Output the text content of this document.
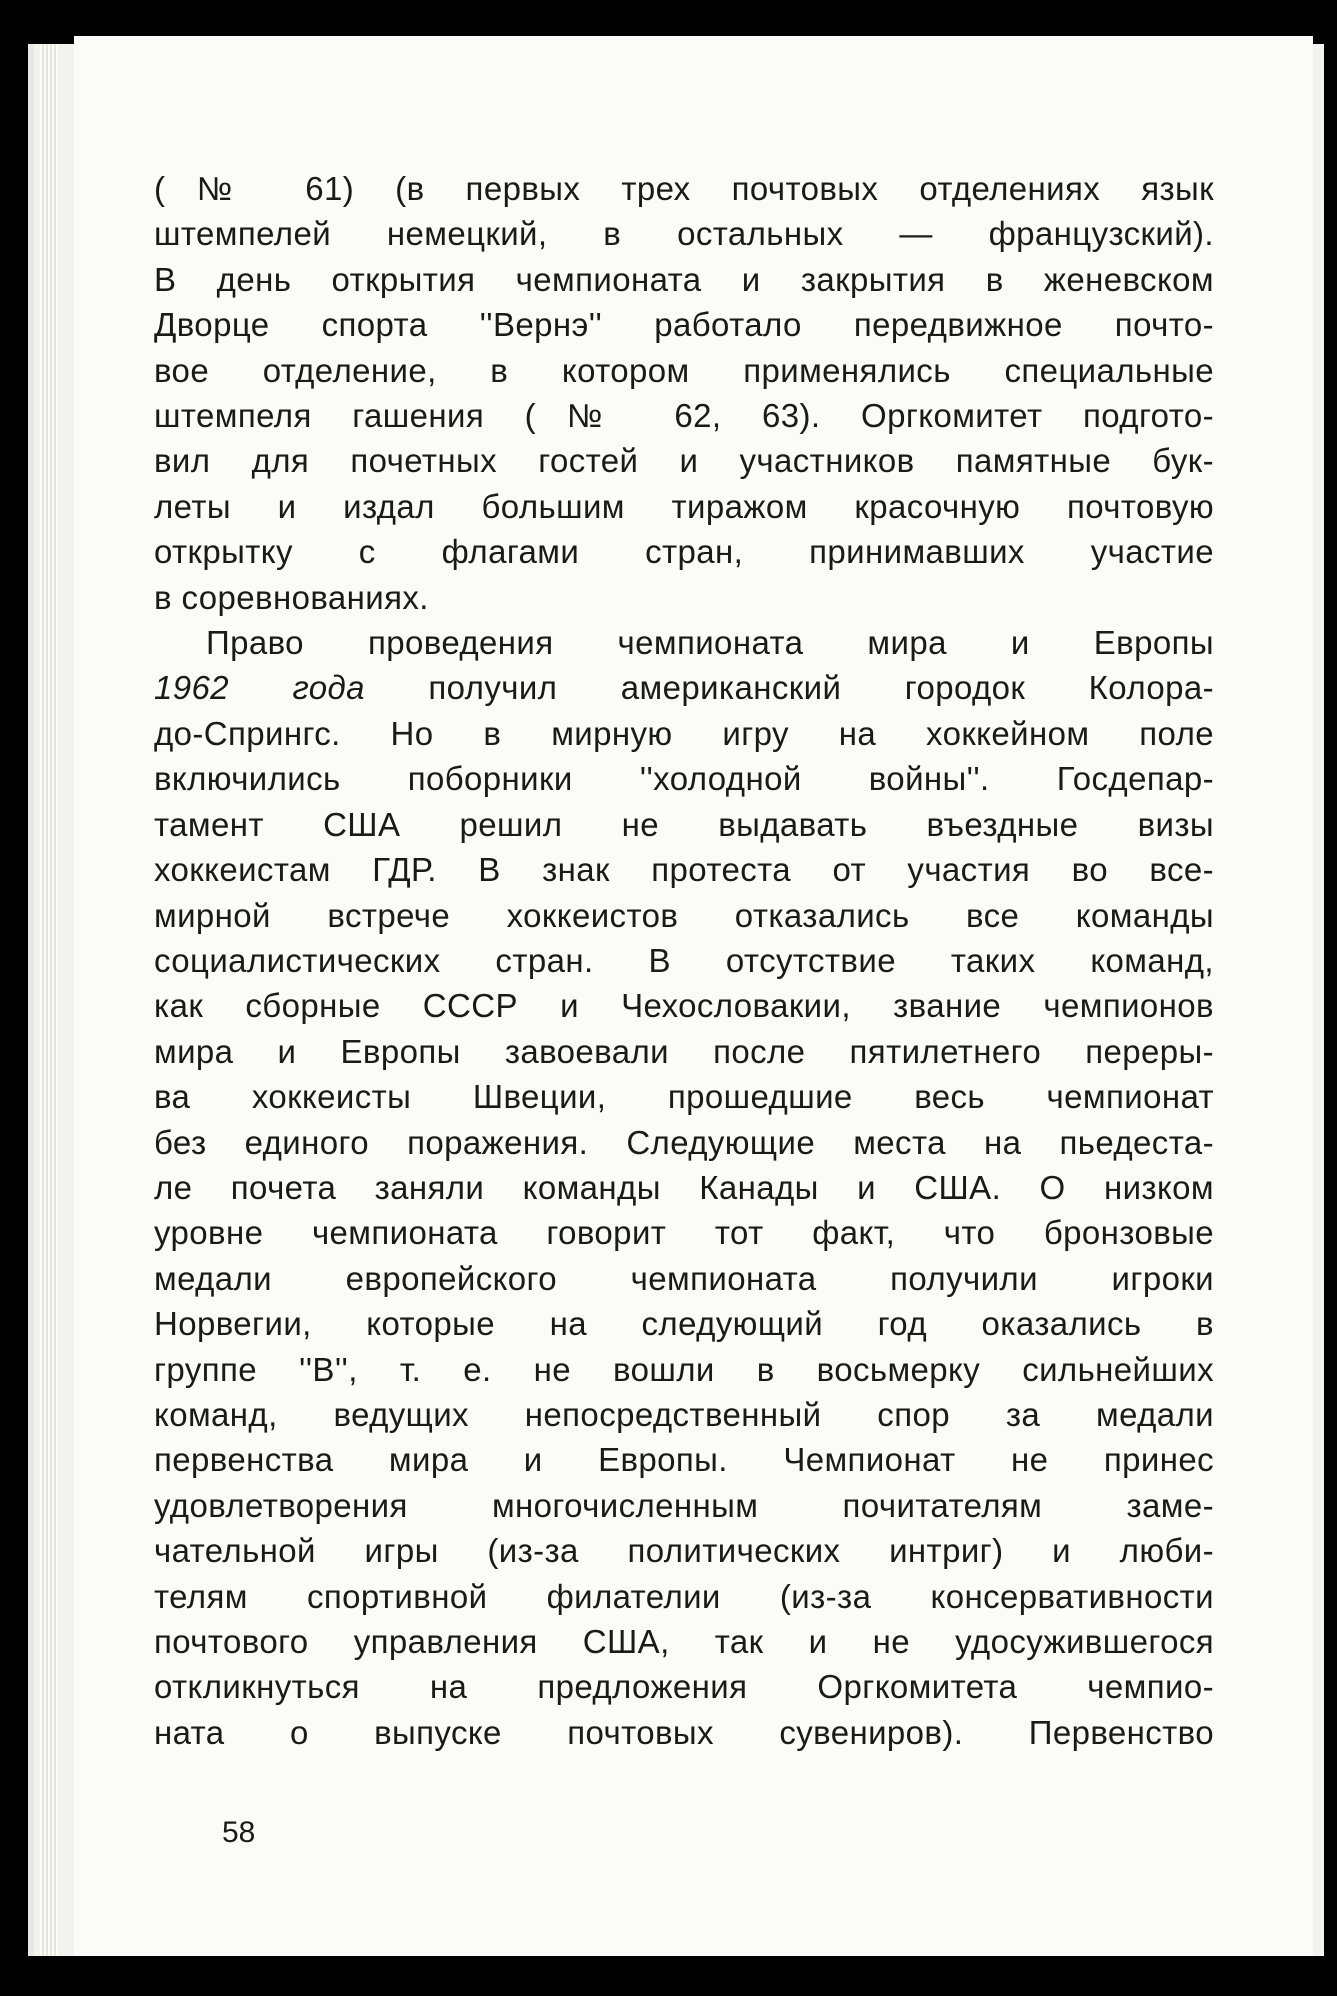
(№ 61) (в первых трех почтовых отделениях язык
штемпелей немецкий, в остальных — французский).
В день открытия чемпионата и закрытия в женевском
Дворце спорта ''Вернэ'' работало передвижное почто-
вое отделение, в котором применялись специальные
штемпеля гашения (№ 62, 63). Оргкомитет подгото-
вил для почетных гостей и участников памятные бук-
леты и издал большим тиражом красочную почтовую
открытку с флагами стран, принимавших участие
в соревнованиях.
Право проведения чемпионата мира и Европы
1962 года получил американский городок Колора-
до-Спрингс. Но в мирную игру на хоккейном поле
включились поборники ''холодной войны''. Госдепар-
тамент США решил не выдавать въездные визы
хоккеистам ГДР. В знак протеста от участия во все-
мирной встрече хоккеистов отказались все команды
социалистических стран. В отсутствие таких команд,
как сборные СССР и Чехословакии, звание чемпионов
мира и Европы завоевали после пятилетнего переры-
ва хоккеисты Швеции, прошедшие весь чемпионат
без единого поражения. Следующие места на пьедеста-
ле почета заняли команды Канады и США. О низком
уровне чемпионата говорит тот факт, что бронзовые
медали европейского чемпионата получили игроки
Норвегии, которые на следующий год оказались в
группе ''В'', т. е. не вошли в восьмерку сильнейших
команд, ведущих непосредственный спор за медали
первенства мира и Европы. Чемпионат не принес
удовлетворения многочисленным почитателям заме-
чательной игры (из-за политических интриг) и люби-
телям спортивной филателии (из-за консервативности
почтового управления США, так и не удосужившегося
откликнуться на предложения Оргкомитета чемпио-
ната о выпуске почтовых сувениров). Первенство
58
